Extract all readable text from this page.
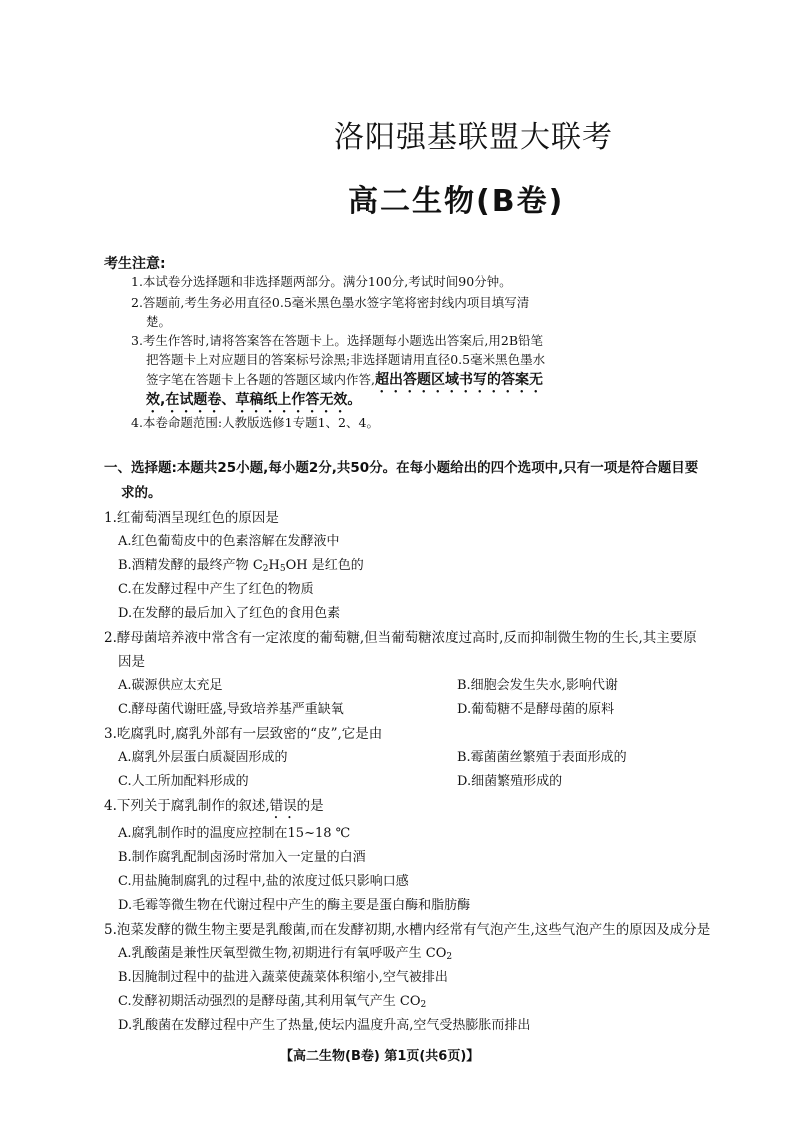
洛阳强基联盟大联考
高二生物(B卷)
考生注意:
1.本试卷分选择题和非选择题两部分。满分100分,考试时间90分钟。
2.答题前,考生务必用直径0.5毫米黑色墨水签字笔将密封线内项目填写清
楚。
3.考生作答时,请将答案答在答题卡上。选择题每小题选出答案后,用2B铅笔
把答题卡上对应题目的答案标号涂黑;非选择题请用直径0.5毫米黑色墨水
签字笔在答题卡上各题的答题区域内作答,超出答题区域书写的答案无
效,在试题卷、草稿纸上作答无效。
4.本卷命题范围:人教版选修1专题1、2、4。
一、选择题:本题共25小题,每小题2分,共50分。在每小题给出的四个选项中,只有一项是符合题目要
求的。
1.红葡萄酒呈现红色的原因是
A.红色葡萄皮中的色素溶解在发酵液中
B.酒精发酵的最终产物 $C_2H_5OH$ 是红色的
C.在发酵过程中产生了红色的物质
D.在发酵的最后加入了红色的食用色素
2.酵母菌培养液中常含有一定浓度的葡萄糖,但当葡萄糖浓度过高时,反而抑制微生物的生长,其主要原
因是
A.碳源供应太充足	B.细胞会发生失水,影响代谢
C.酵母菌代谢旺盛,导致培养基严重缺氧	D.葡萄糖不是酵母菌的原料
3.吃腐乳时,腐乳外部有一层致密的“皮”,它是由
A.腐乳外层蛋白质凝固形成的	B.霉菌菌丝繁殖于表面形成的
C.人工所加配料形成的	D.细菌繁殖形成的
4.下列关于腐乳制作的叙述,错误的是
A.腐乳制作时的温度应控制在15~18 ℃
B.制作腐乳配制卤汤时常加入一定量的白酒
C.用盐腌制腐乳的过程中,盐的浓度过低只影响口感
D.毛霉等微生物在代谢过程中产生的酶主要是蛋白酶和脂肪酶
5.泡菜发酵的微生物主要是乳酸菌,而在发酵初期,水槽内经常有气泡产生,这些气泡产生的原因及成分是
A.乳酸菌是兼性厌氧型微生物,初期进行有氧呼吸产生 $CO_2$
B.因腌制过程中的盐进入蔬菜使蔬菜体积缩小,空气被排出
C.发酵初期活动强烈的是酵母菌,其利用氧气产生 $CO_2$
D.乳酸菌在发酵过程中产生了热量,使坛内温度升高,空气受热膨胀而排出
【高二生物(B卷) 第1页(共6页)】
